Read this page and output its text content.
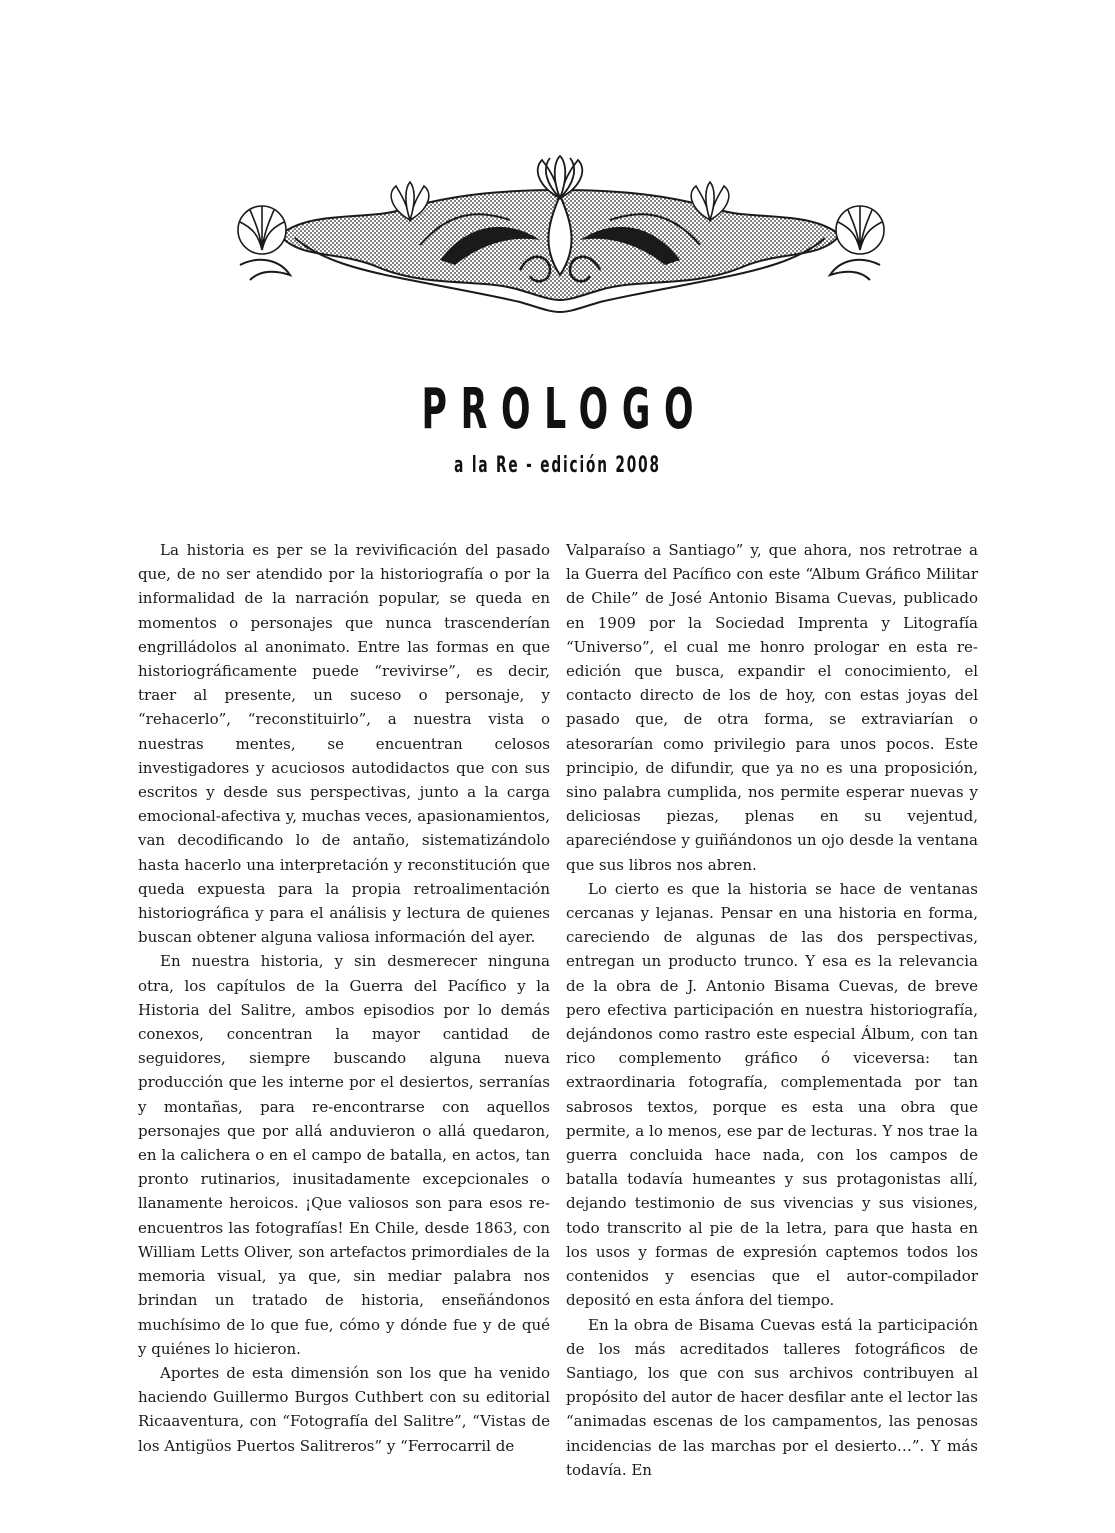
PROLOGO
a la Re - edición 2008

La historia es per se la revivificación del pasado que, de no ser atendido por la historiografía o por la informalidad de la narración popular, se queda en momentos o personajes que nunca trascenderían engrilládolos al anonimato. Entre las formas en que historiográficamente puede “revivirse”, es decir, traer al presente, un suceso o personaje, y “rehacerlo”, “reconstituirlo”, a nuestra vista o nuestras mentes, se encuentran celosos investigadores y acuciosos autodidactos que con sus escritos y desde sus perspectivas, junto a la carga emocional-afectiva y, muchas veces, apasionamientos, van decodificando lo de antaño, sistematizándolo hasta hacerlo una interpretación y reconstitución que queda expuesta para la propia retroalimentación historiográfica y para el análisis y lectura de quienes buscan obtener alguna valiosa información del ayer.

En nuestra historia, y sin desmerecer ninguna otra, los capítulos de la Guerra del Pacífico y la Historia del Salitre, ambos episodios por lo demás conexos, concentran la mayor cantidad de seguidores, siempre buscando alguna nueva producción que les interne por el desiertos, serranías y montañas, para re-encontrarse con aquellos personajes que por allá anduvieron o allá quedaron, en la calichera o en el campo de batalla, en actos, tan pronto rutinarios, inusitadamente excepcionales o llanamente heroicos. ¡Que valiosos son para esos re-encuentros las fotografías! En Chile, desde 1863, con William Letts Oliver, son artefactos primordiales de la memoria visual, ya que, sin mediar palabra nos brindan un tratado de historia, enseñándonos muchísimo de lo que fue, cómo y dónde fue y de qué y quiénes lo hicieron.

Aportes de esta dimensión son los que ha venido haciendo Guillermo Burgos Cuthbert con su editorial Ricaaventura, con “Fotografía del Salitre”, “Vistas de los Antigüos Puertos Salitreros” y “Ferrocarril de

Valparaíso a Santiago” y, que ahora, nos retrotrae a la Guerra del Pacífico con este “Album Gráfico Militar de Chile” de José Antonio Bisama Cuevas, publicado en 1909 por la Sociedad Imprenta y Litografía “Universo”, el cual me honro prologar en esta re-edición que busca, expandir el conocimiento, el contacto directo de los de hoy, con estas joyas del pasado que, de otra forma, se extraviarían o atesorarían como privilegio para unos pocos. Este principio, de difundir, que ya no es una proposición, sino palabra cumplida, nos permite esperar nuevas y deliciosas piezas, plenas en su vejentud, apareciéndose y guiñándonos un ojo desde la ventana que sus libros nos abren.

Lo cierto es que la historia se hace de ventanas cercanas y lejanas. Pensar en una historia en forma, careciendo de algunas de las dos perspectivas, entregan un producto trunco. Y esa es la relevancia de la obra de J. Antonio Bisama Cuevas, de breve pero efectiva participación en nuestra historiografía, dejándonos como rastro este especial Álbum, con tan rico complemento gráfico ó viceversa: tan extraordinaria fotografía, complementada por tan sabrosos textos, porque es esta una obra que permite, a lo menos, ese par de lecturas. Y nos trae la guerra concluida hace nada, con los campos de batalla todavía humeantes y sus protagonistas allí, dejando testimonio de sus vivencias y sus visiones, todo transcrito al pie de la letra, para que hasta en los usos y formas de expresión captemos todos los contenidos y esencias que el autor-compilador depositó en esta ánfora del tiempo.

En la obra de Bisama Cuevas está la participación de los más acreditados talleres fotográficos de Santiago, los que con sus archivos contribuyen al propósito del autor de hacer desfilar ante el lector las “animadas escenas de los campamentos, las penosas incidencias de las marchas por el desierto…”. Y más todavía. En
